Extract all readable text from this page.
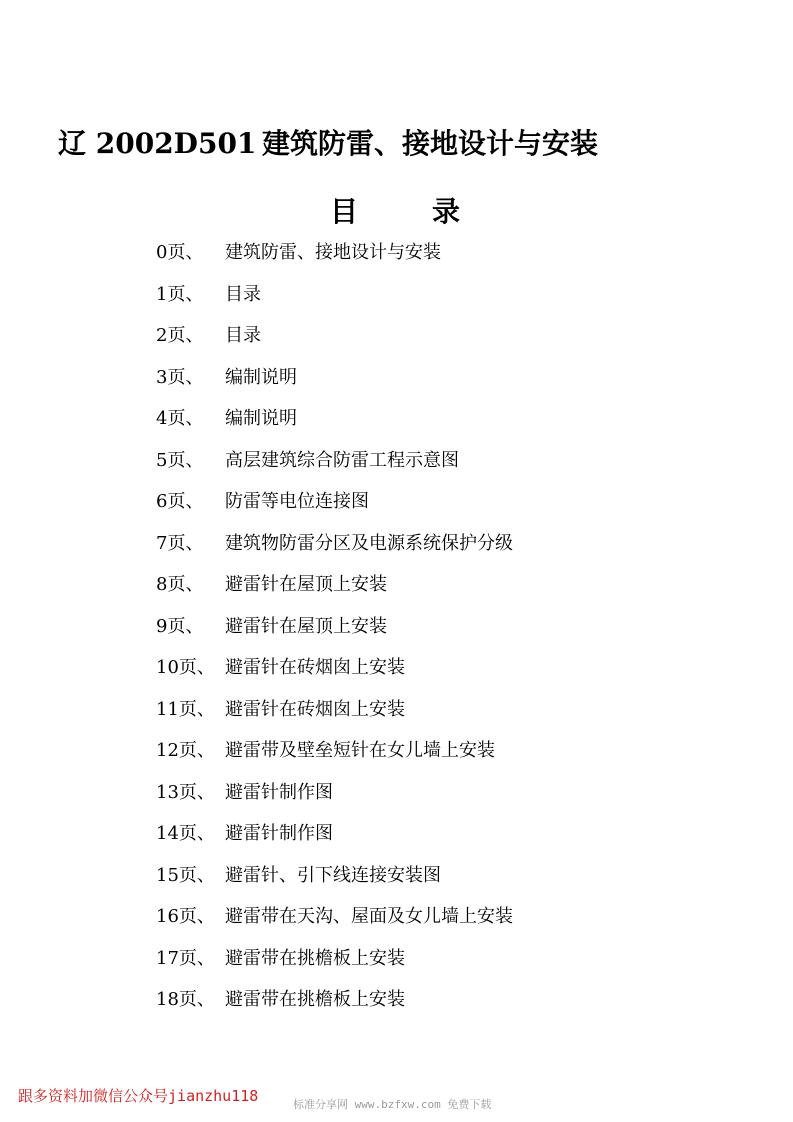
辽 2002D501 建筑防雷、接地设计与安装
目	录
0页、	建筑防雷、接地设计与安装
1页、	目录
2页、	目录
3页、	编制说明
4页、	编制说明
5页、	高层建筑综合防雷工程示意图
6页、	防雷等电位连接图
7页、	建筑物防雷分区及电源系统保护分级
8页、	避雷针在屋顶上安装
9页、	避雷针在屋顶上安装
10页、 避雷针在砖烟囱上安装
11页、 避雷针在砖烟囱上安装
12页、 避雷带及壁垒短针在女儿墙上安装
13页、 避雷针制作图
14页、 避雷针制作图
15页、 避雷针、引下线连接安装图
16页、 避雷带在天沟、屋面及女儿墙上安装
17页、 避雷带在挑檐板上安装
18页、 避雷带在挑檐板上安装
跟多资料加微信公众号jianzhu118	标准分享网 www.bzfxw.com 免费下载
